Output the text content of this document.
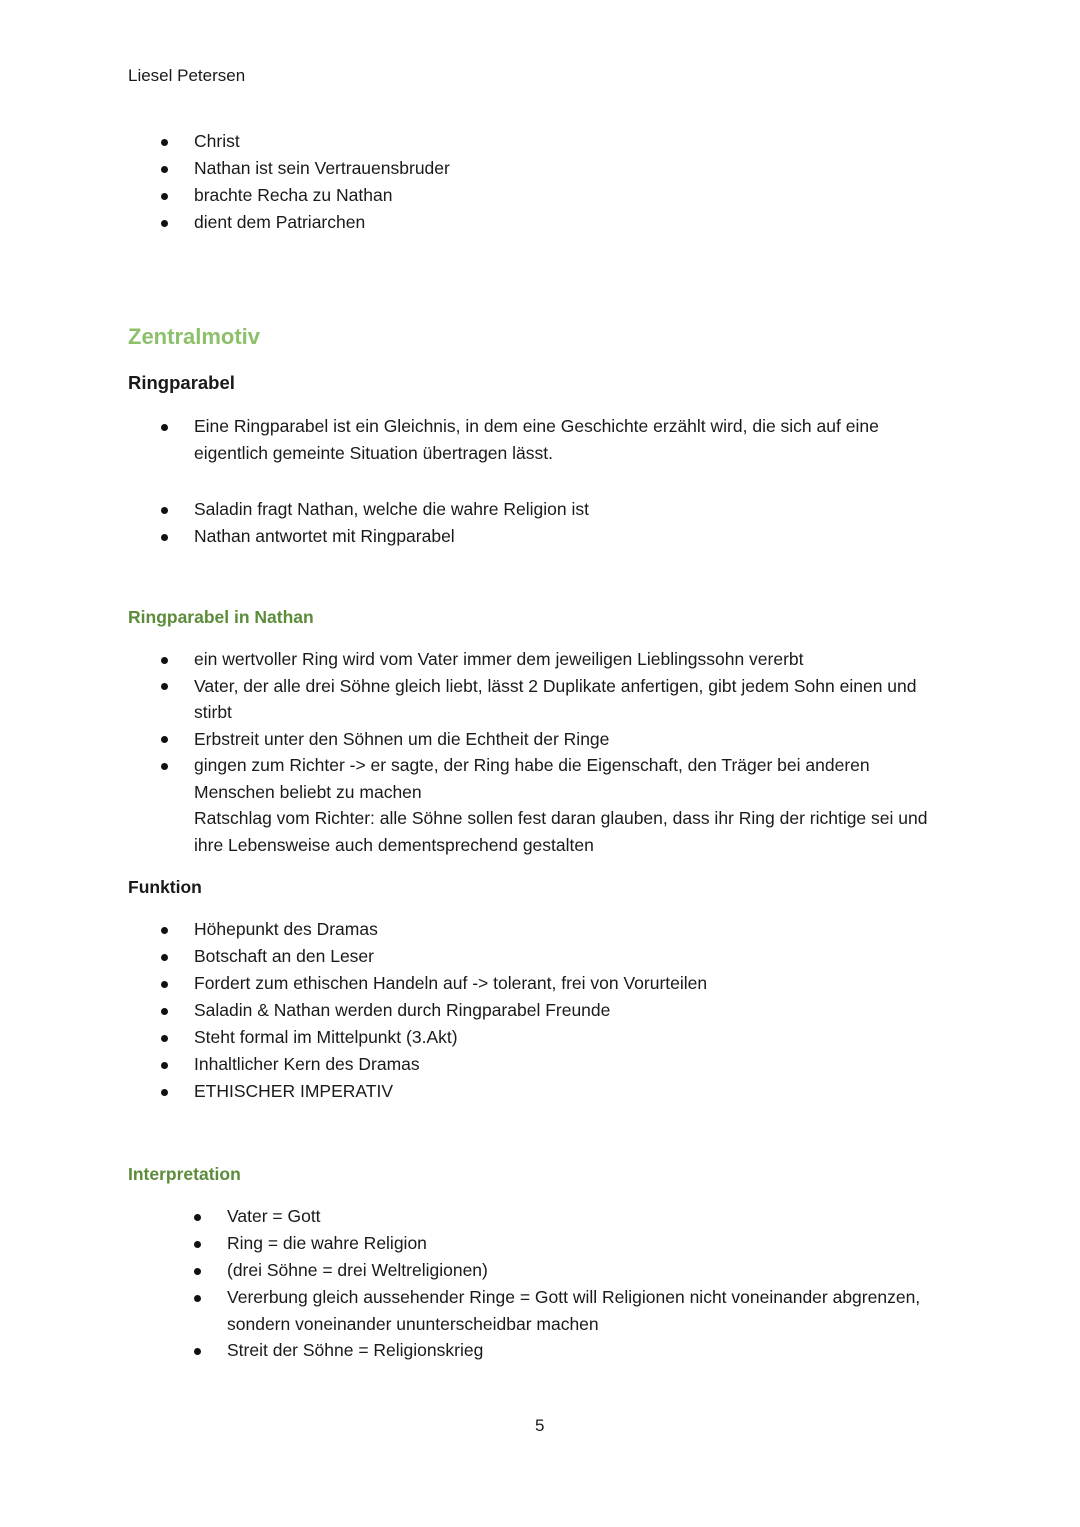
Liesel Petersen

Christ
Nathan ist sein Vertrauensbruder
brachte Recha zu Nathan
dient dem Patriarchen
Zentralmotiv
Ringparabel
Eine Ringparabel ist ein Gleichnis, in dem eine Geschichte erzählt wird, die sich auf eine
eigentlich gemeinte Situation übertragen lässt.
Saladin fragt Nathan, welche die wahre Religion ist
Nathan antwortet mit Ringparabel
Ringparabel in Nathan
ein wertvoller Ring wird vom Vater immer dem jeweiligen Lieblingssohn vererbt
Vater, der alle drei Söhne gleich liebt, lässt 2 Duplikate anfertigen, gibt jedem Sohn einen und
stirbt
Erbstreit unter den Söhnen um die Echtheit der Ringe
gingen zum Richter -> er sagte, der Ring habe die Eigenschaft, den Träger bei anderen
Menschen beliebt zu machen
Ratschlag vom Richter: alle Söhne sollen fest daran glauben, dass ihr Ring der richtige sei und
ihre Lebensweise auch dementsprechend gestalten
Funktion
Höhepunkt des Dramas
Botschaft an den Leser
Fordert zum ethischen Handeln auf -> tolerant, frei von Vorurteilen
Saladin & Nathan werden durch Ringparabel Freunde
Steht formal im Mittelpunkt (3.Akt)
Inhaltlicher Kern des Dramas
ETHISCHER IMPERATIV
Interpretation
Vater = Gott
Ring = die wahre Religion
(drei Söhne = drei Weltreligionen)
Vererbung gleich aussehender Ringe = Gott will Religionen nicht voneinander abgrenzen,
sondern voneinander ununterscheidbar machen
Streit der Söhne = Religionskrieg

5
